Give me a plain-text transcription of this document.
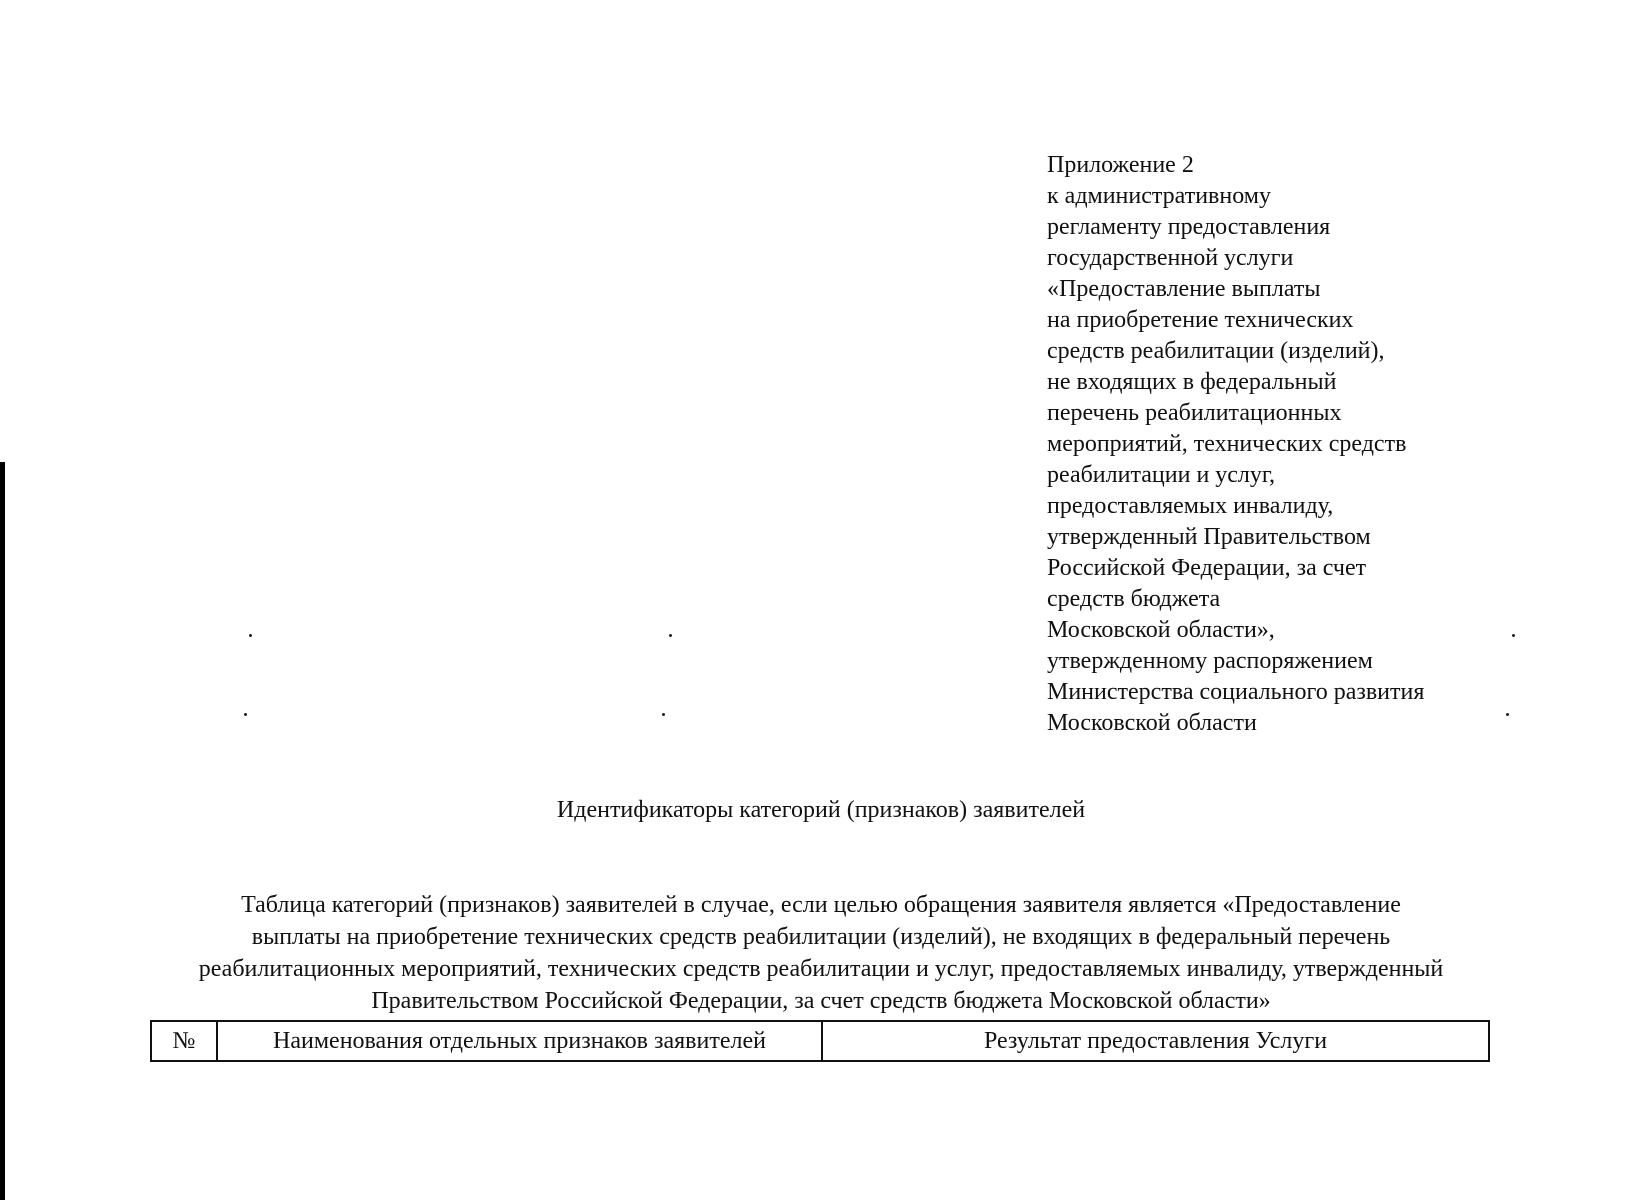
Приложение 2
к административному
регламенту предоставления
государственной услуги
«Предоставление выплаты
на приобретение технических
средств реабилитации (изделий),
не входящих в федеральный
перечень реабилитационных
мероприятий, технических средств
реабилитации и услуг,
предоставляемых инвалиду,
утвержденный Правительством
Российской Федерации, за счет
средств бюджета
Московской области»,
утвержденному распоряжением
Министерства социального развития
Московской области
Идентификаторы категорий (признаков) заявителей
Таблица категорий (признаков) заявителей в случае, если целью обращения заявителя является «Предоставление
выплаты на приобретение технических средств реабилитации (изделий), не входящих в федеральный перечень
реабилитационных мероприятий, технических средств реабилитации и услуг, предоставляемых инвалиду, утвержденный
Правительством Российской Федерации, за счет средств бюджета Московской области»
№	Наименования отдельных признаков заявителей	Результат предоставления Услуги
